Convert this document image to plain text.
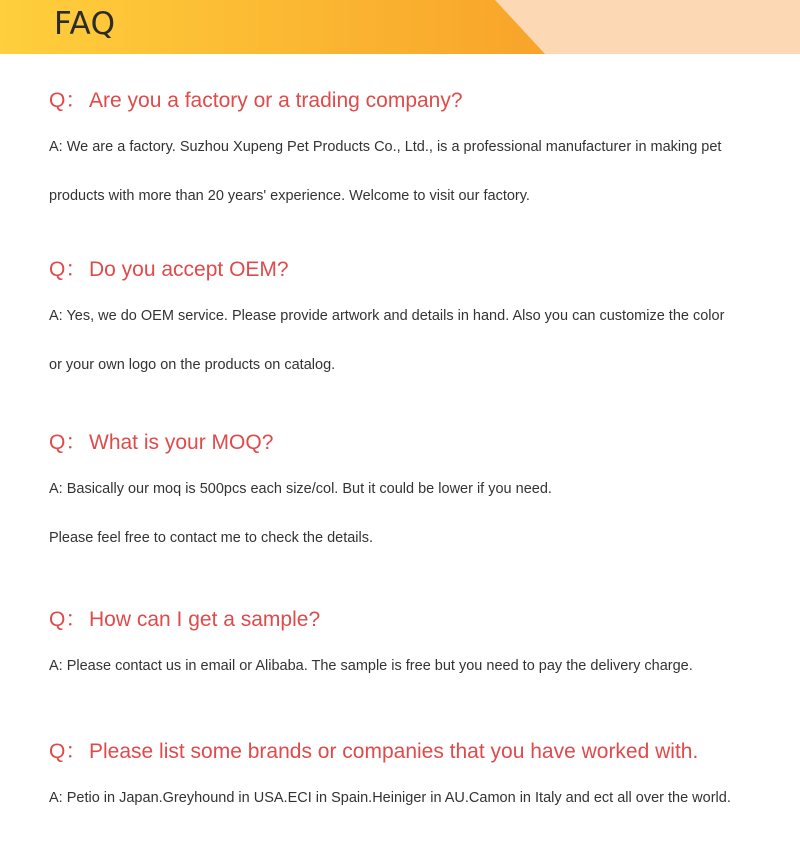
FAQ
Q： Are you a factory or a trading company?
A: We are a factory. Suzhou Xupeng Pet Products Co., Ltd., is a professional manufacturer in making pet
products with more than 20 years' experience. Welcome to visit our factory.
Q： Do you accept OEM?
A: Yes, we do OEM service. Please provide artwork and details in hand. Also you can customize the color
or your own logo on the products on catalog.
Q： What is your MOQ?
A: Basically our moq is 500pcs each size/col. But it could be lower if you need.
Please feel free to contact me to check the details.
Q： How can I get a sample?
A: Please contact us in email or Alibaba. The sample is free but you need to pay the delivery charge.
Q： Please list some brands or companies that you have worked with.
A: Petio in Japan.Greyhound in USA.ECI in Spain.Heiniger in AU.Camon in Italy and ect all over the world.
